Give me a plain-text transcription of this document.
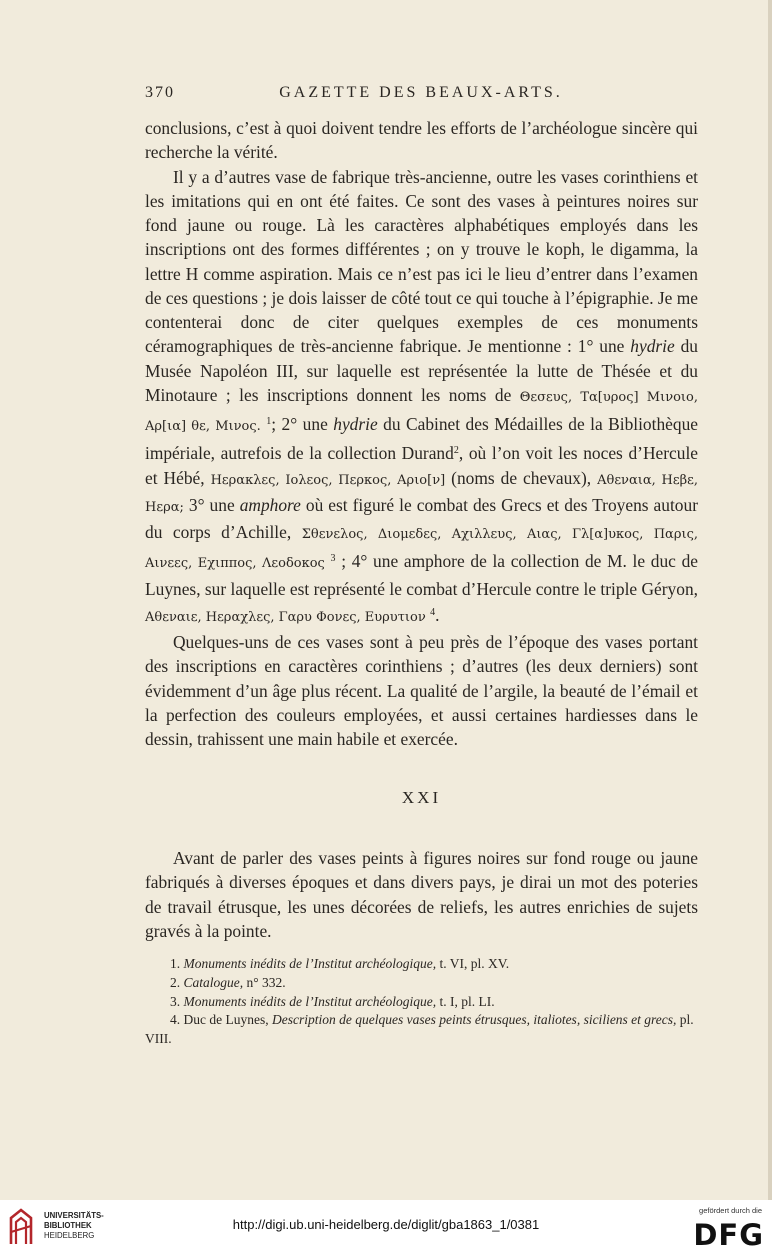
370	GAZETTE DES BEAUX-ARTS.

conclusions, c’est à quoi doivent tendre les efforts de l’archéologue sincère qui recherche la vérité.

Il y a d’autres vase de fabrique très-ancienne, outre les vases corinthiens et les imitations qui en ont été faites. Ce sont des vases à peintures noires sur fond jaune ou rouge. Là les caractères alphabétiques employés dans les inscriptions ont des formes différentes ; on y trouve le koph, le digamma, la lettre H comme aspiration. Mais ce n’est pas ici le lieu d’entrer dans l’examen de ces questions ; je dois laisser de côté tout ce qui touche à l’épigraphie. Je me contenterai donc de citer quelques exemples de ces monuments céramographiques de très-ancienne fabrique. Je mentionne : 1° une hydrie du Musée Napoléon III, sur laquelle est représentée la lutte de Thésée et du Minotaure ; les inscriptions donnent les noms de Θεσευς, Τα[υρος] Μινοιο, Αρ[ια] θε, Μινος. $^1$; 2° une hydrie du Cabinet des Médailles de la Bibliothèque impériale, autrefois de la collection Durand$^2$, où l’on voit les noces d’Hercule et Hébé, Ηερακλες, Ιολεος, Περκος, Αριο[ν] (noms de chevaux), Αθεναια, Ηεβε, Ηερα; 3° une amphore où est figuré le combat des Grecs et des Troyens autour du corps d’Achille, Σθενελος, Διομεδες, Αχιλλευς, Αιας, Γλ[α]υκος, Παρις, Αινεες, Εχιππος, Λεοδοκος $^3$ ; 4° une amphore de la collection de M. le duc de Luynes, sur laquelle est représenté le combat d’Hercule contre le triple Géryon, Αθεναιε, Ηεραχλες, Γαρυ Φονες, Ευρυτιον $^4$.

Quelques-uns de ces vases sont à peu près de l’époque des vases portant des inscriptions en caractères corinthiens ; d’autres (les deux derniers) sont évidemment d’un âge plus récent. La qualité de l’argile, la beauté de l’émail et la perfection des couleurs employées, et aussi certaines hardiesses dans le dessin, trahissent une main habile et exercée.

XXI

Avant de parler des vases peints à figures noires sur fond rouge ou jaune fabriqués à diverses époques et dans divers pays, je dirai un mot des poteries de travail étrusque, les unes décorées de reliefs, les autres enrichies de sujets gravés à la pointe.

1. Monuments inédits de l’Institut archéologique, t. VI, pl. XV.
2. Catalogue, n° 332.
3. Monuments inédits de l’Institut archéologique, t. I, pl. LI.
4. Duc de Luynes, Description de quelques vases peints étrusques, italiotes, siciliens et grecs, pl. VIII.
UNIVERSITÄTS-
BIBLIOTHEK
HEIDELBERG
http://digi.ub.uni-heidelberg.de/diglit/gba1863_1/0381
gefördert durch die
DFG
